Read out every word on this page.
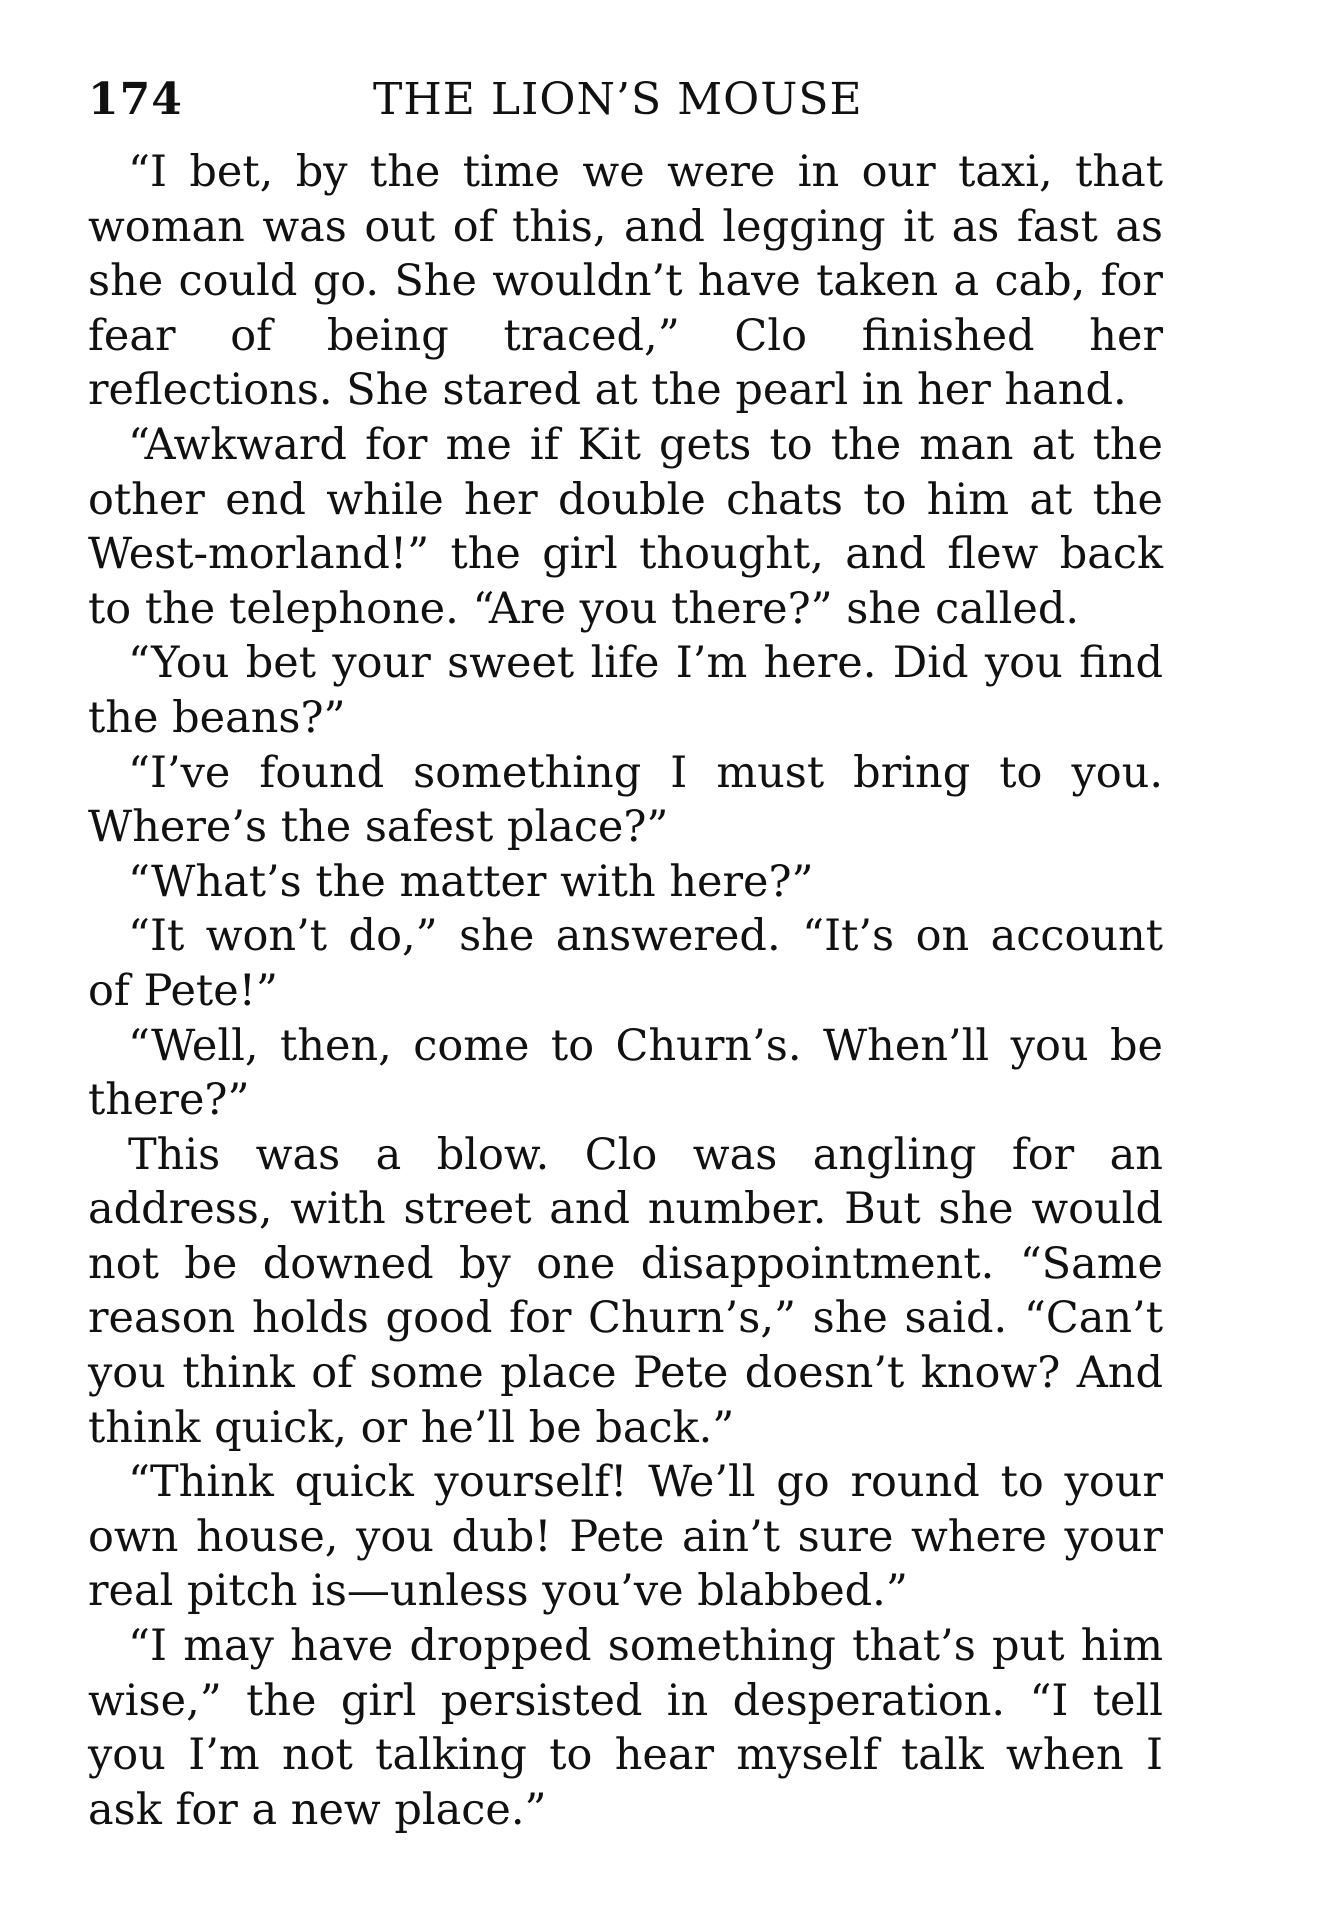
174	THE LION’S MOUSE

“I bet, by the time we were in our taxi, that woman was out of this, and legging it as fast as she could go. She wouldn’t have taken a cab, for fear of being traced,” Clo finished her reflections. She stared at the pearl in her hand.

“Awkward for me if Kit gets to the man at the other end while her double chats to him at the West-morland!” the girl thought, and flew back to the telephone. “Are you there?” she called.

“You bet your sweet life I’m here. Did you find the beans?”

“I’ve found something I must bring to you. Where’s the safest place?”

“What’s the matter with here?”

“It won’t do,” she answered. “It’s on account of Pete!”

“Well, then, come to Churn’s. When’ll you be there?”

This was a blow. Clo was angling for an address, with street and number. But she would not be downed by one disappointment. “Same reason holds good for Churn’s,” she said. “Can’t you think of some place Pete doesn’t know? And think quick, or he’ll be back.”

“Think quick yourself! We’ll go round to your own house, you dub! Pete ain’t sure where your real pitch is—unless you’ve blabbed.”

“I may have dropped something that’s put him wise,” the girl persisted in desperation. “I tell you I’m not talking to hear myself talk when I ask for a new place.”
